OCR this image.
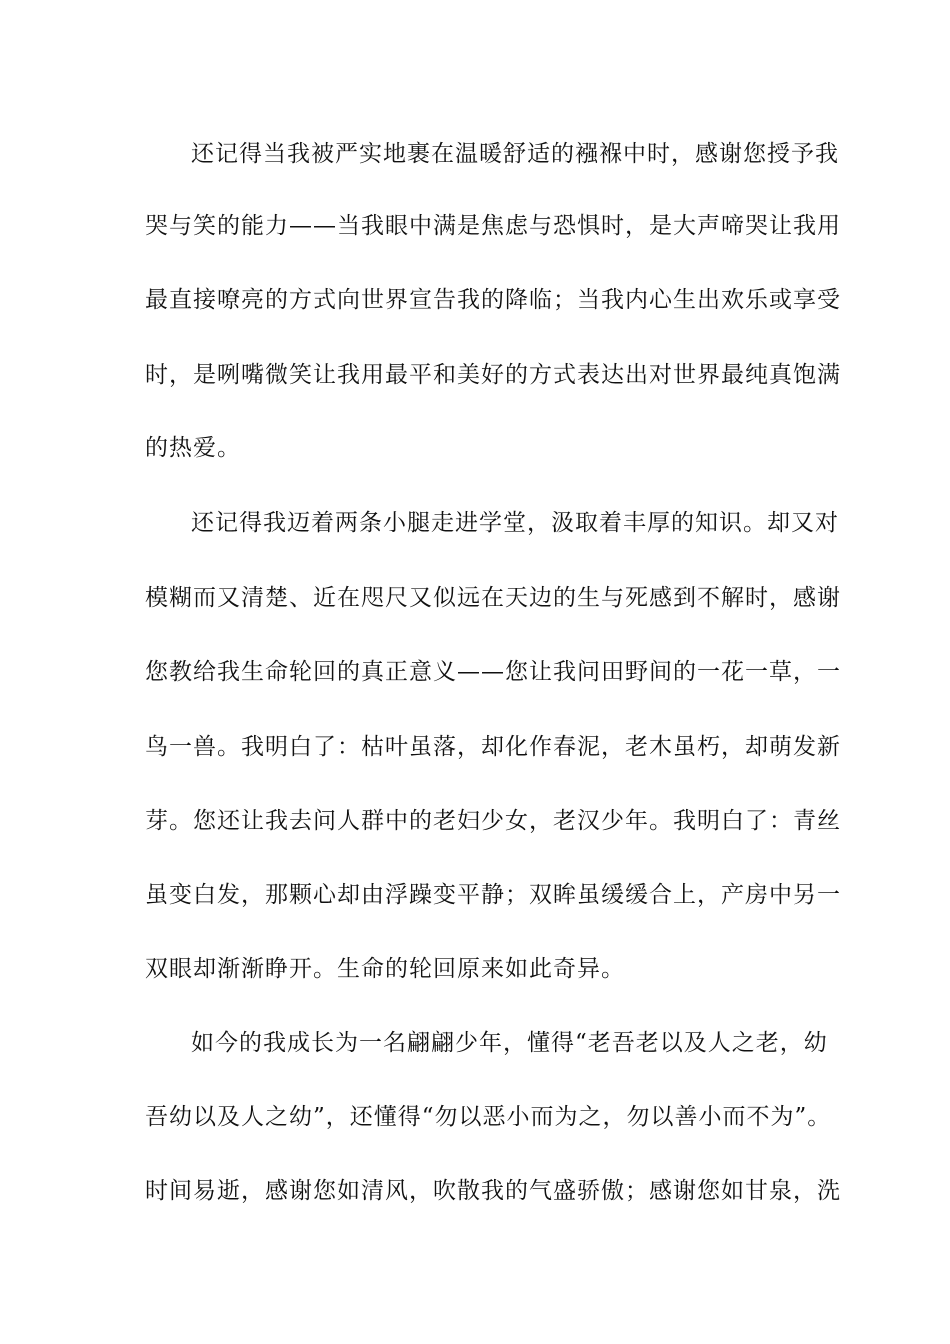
还记得当我被严实地裹在温暖舒适的襁褓中时，感谢您授予我
哭与笑的能力——当我眼中满是焦虑与恐惧时，是大声啼哭让我用
最直接嘹亮的方式向世界宣告我的降临；当我内心生出欢乐或享受
时，是咧嘴微笑让我用最平和美好的方式表达出对世界最纯真饱满
的热爱。
还记得我迈着两条小腿走进学堂，汲取着丰厚的知识。却又对
模糊而又清楚、近在咫尺又似远在天边的生与死感到不解时，感谢
您教给我生命轮回的真正意义——您让我问田野间的一花一草，一
鸟一兽。我明白了：枯叶虽落，却化作春泥，老木虽朽，却萌发新
芽。您还让我去问人群中的老妇少女，老汉少年。我明白了：青丝
虽变白发，那颗心却由浮躁变平静；双眸虽缓缓合上，产房中另一
双眼却渐渐睁开。生命的轮回原来如此奇异。
如今的我成长为一名翩翩少年，懂得“老吾老以及人之老，幼
吾幼以及人之幼”，还懂得“勿以恶小而为之，勿以善小而不为”。
时间易逝，感谢您如清风，吹散我的气盛骄傲；感谢您如甘泉，洗
